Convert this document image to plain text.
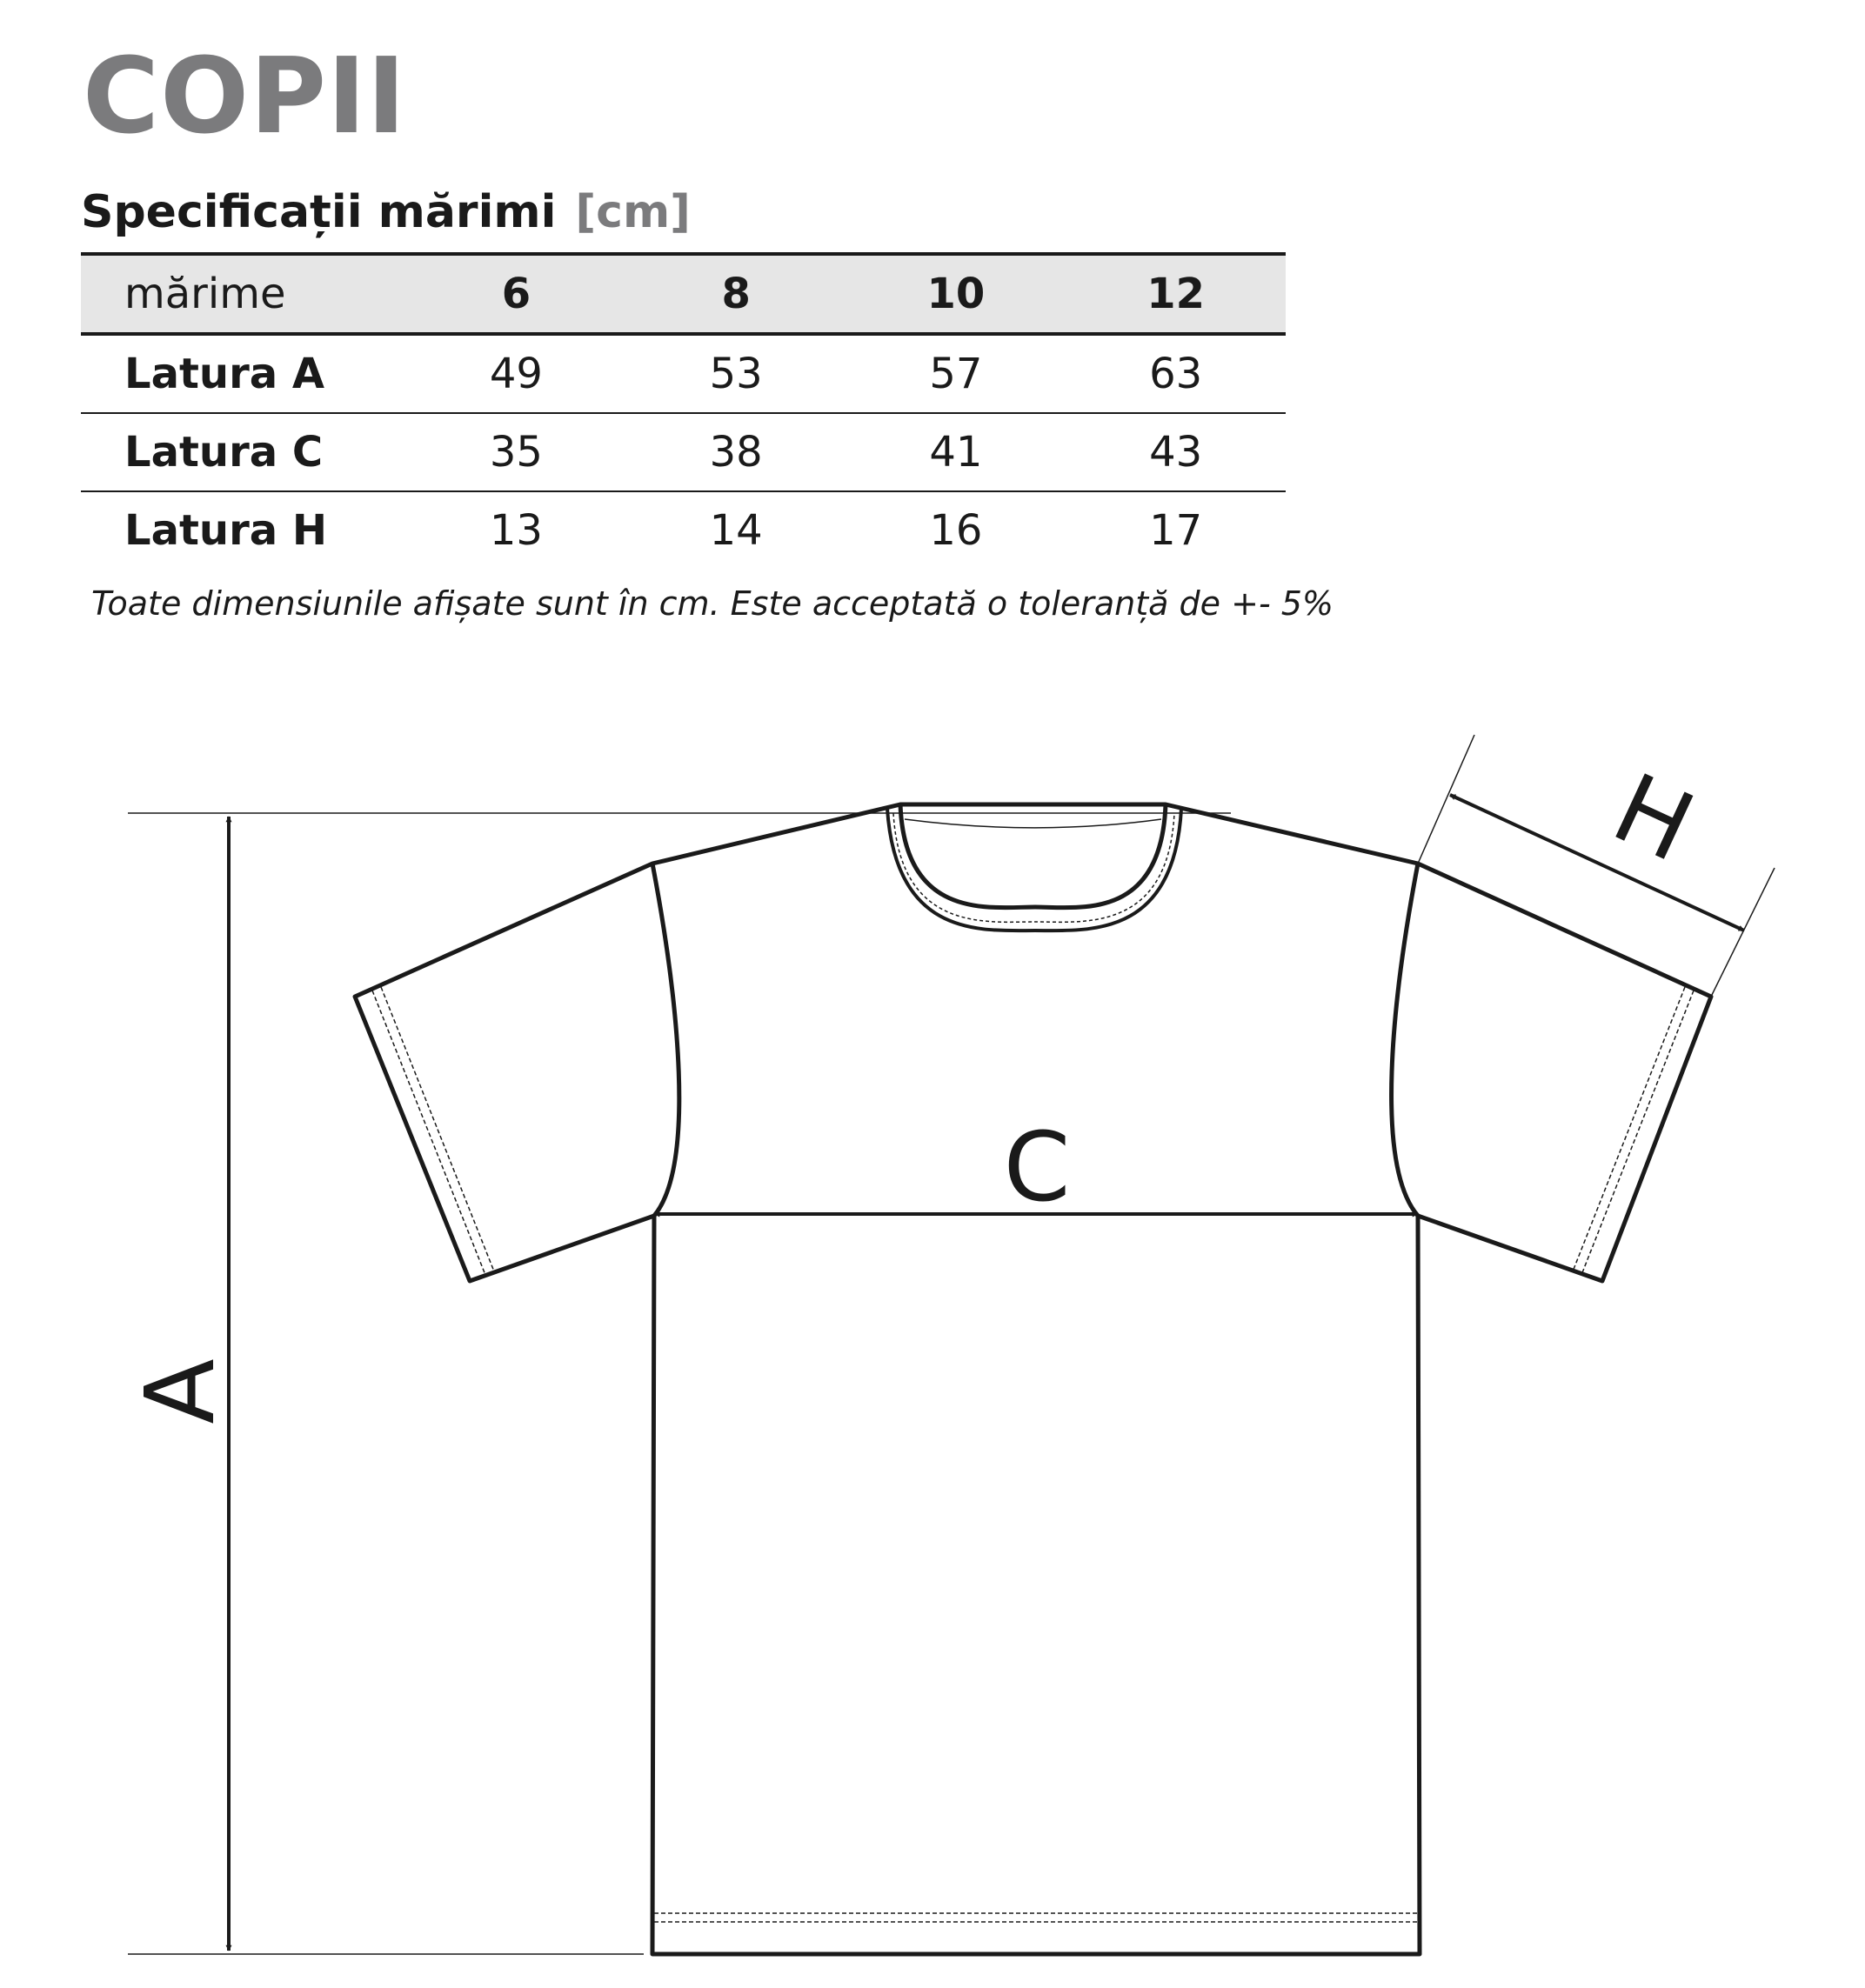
COPII
Specificații mărimi [cm]
mărime	6	8	10	12
Latura A	49	53	57	63
Latura C	35	38	41	43
Latura H	13	14	16	17
Toate dimensiunile afișate sunt în cm. Este acceptată o toleranță de +- 5%
A
C
H
